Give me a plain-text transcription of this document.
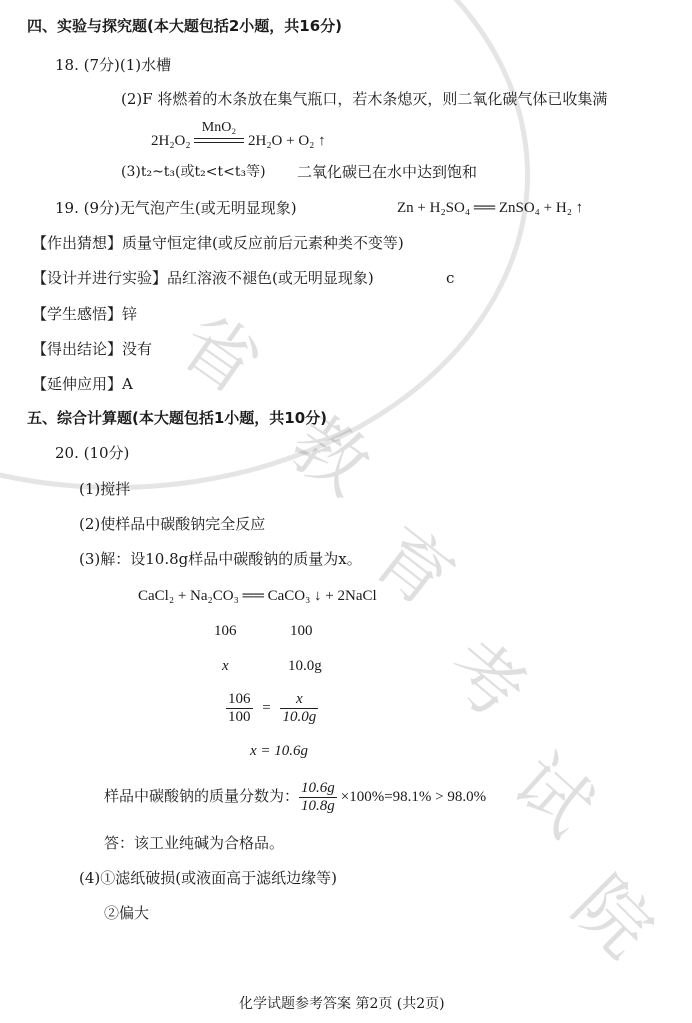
省
教
育
考
试
院
四、实验与探究题(本大题包括2小题，共16分)
18. (7分)(1)水槽
(2)F 将燃着的木条放在集气瓶口，若木条熄灭，则二氧化碳气体已收集满
MnO₂
2H₂O₂	2H₂O + O₂ ↑
(3)t₂~t₃(或t₂<t<t₃等) 二氧化碳已在水中达到饱和
19. (9分)无气泡产生(或无明显现象)	Zn + H₂SO₄ ══ ZnSO₄ + H₂ ↑
【作出猜想】质量守恒定律(或反应前后元素种类不变等)
【设计并进行实验】品红溶液不褪色(或无明显现象)	c
【学生感悟】锌
【得出结论】没有
【延伸应用】A
五、综合计算题(本大题包括1小题，共10分)
20. (10分)
(1)搅拌
(2)使样品中碳酸钠完全反应
(3)解：设10.8g样品中碳酸钠的质量为x。
CaCl₂ + Na₂CO₃ ══ CaCO₃ ↓ + 2NaCl
106	100
x	10.0g
$\frac{106}{100} = \frac{x}{10.0g}$
x = 10.6g
样品中碳酸钠的质量分数为： $\frac{10.6g}{10.8g} \times 100\%=98.1\% > 98.0\%$
答：该工业纯碱为合格品。
(4)①滤纸破损(或液面高于滤纸边缘等)
②偏大
化学试题参考答案 第2页 (共2页)
